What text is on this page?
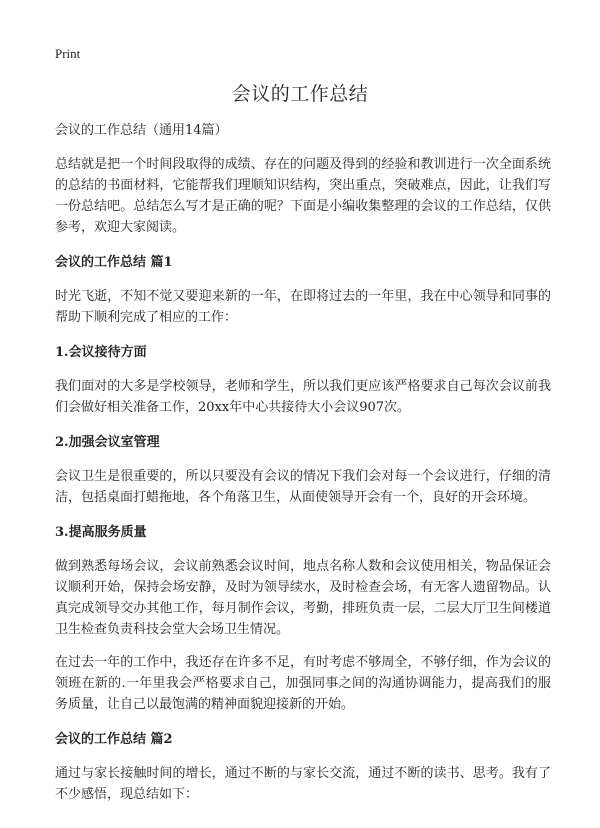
Print
会议的工作总结
会议的工作总结（通用14篇）

总结就是把一个时间段取得的成绩、存在的问题及得到的经验和教训进行一次全面系统的总结的书面材料，它能帮我们理顺知识结构，突出重点，突破难点，因此，让我们写一份总结吧。总结怎么写才是正确的呢？下面是小编收集整理的会议的工作总结，仅供参考，欢迎大家阅读。

会议的工作总结 篇1

时光飞逝，不知不觉又要迎来新的一年，在即将过去的一年里，我在中心领导和同事的帮助下顺利完成了相应的工作：

1.会议接待方面

我们面对的大多是学校领导，老师和学生，所以我们更应该严格要求自己每次会议前我们会做好相关准备工作，20xx年中心共接待大小会议907次。

2.加强会议室管理

会议卫生是很重要的，所以只要没有会议的情况下我们会对每一个会议进行，仔细的清洁，包括桌面打蜡拖地，各个角落卫生，从面使领导开会有一个，良好的开会环境。

3.提高服务质量

做到熟悉每场会议，会议前熟悉会议时间，地点名称人数和会议使用相关，物品保证会议顺利开始，保持会场安静，及时为领导续水，及时检查会场，有无客人遗留物品。认真完成领导交办其他工作，每月制作会议，考勤，排班负责一层，二层大厅卫生间楼道卫生检查负责科技会堂大会场卫生情况。

在过去一年的工作中，我还存在许多不足，有时考虑不够周全，不够仔细，作为会议的领班在新的.一年里我会严格要求自己，加强同事之间的沟通协调能力，提高我们的服务质量，让自己以最饱满的精神面貌迎接新的开始。

会议的工作总结 篇2

通过与家长接触时间的增长，通过不断的与家长交流，通过不断的读书、思考。我有了不少感悟，现总结如下：
